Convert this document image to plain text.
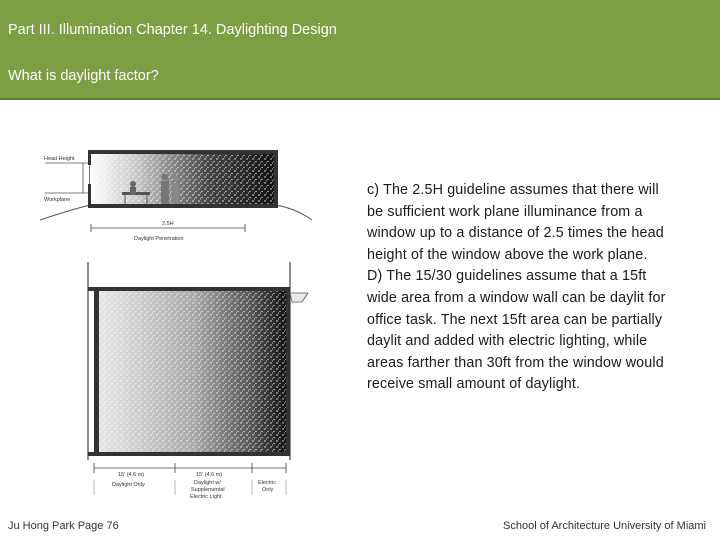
Part III. Illumination Chapter 14. Daylighting Design
What is daylight factor?
Head Height
Workplane
2.5H
Daylight Penetration
15' (4.6 m)	15' (4.6 m)
Daylight Only	Daylight w/
Supplemental
Electric Light
Electric
Only

c) The 2.5H guideline assumes that there will be sufficient work plane illuminance from a window up to a distance of 2.5 times the head height of the window above the work plane.

D) The 15/30 guidelines assume that a 15ft wide area from a window wall can be daylit for office task. The next 15ft area can be partially daylit and added with electric lighting, while areas farther than 30ft from the window would receive small amount of daylight.

Ju Hong Park Page 76	School of Architecture University of Miami
